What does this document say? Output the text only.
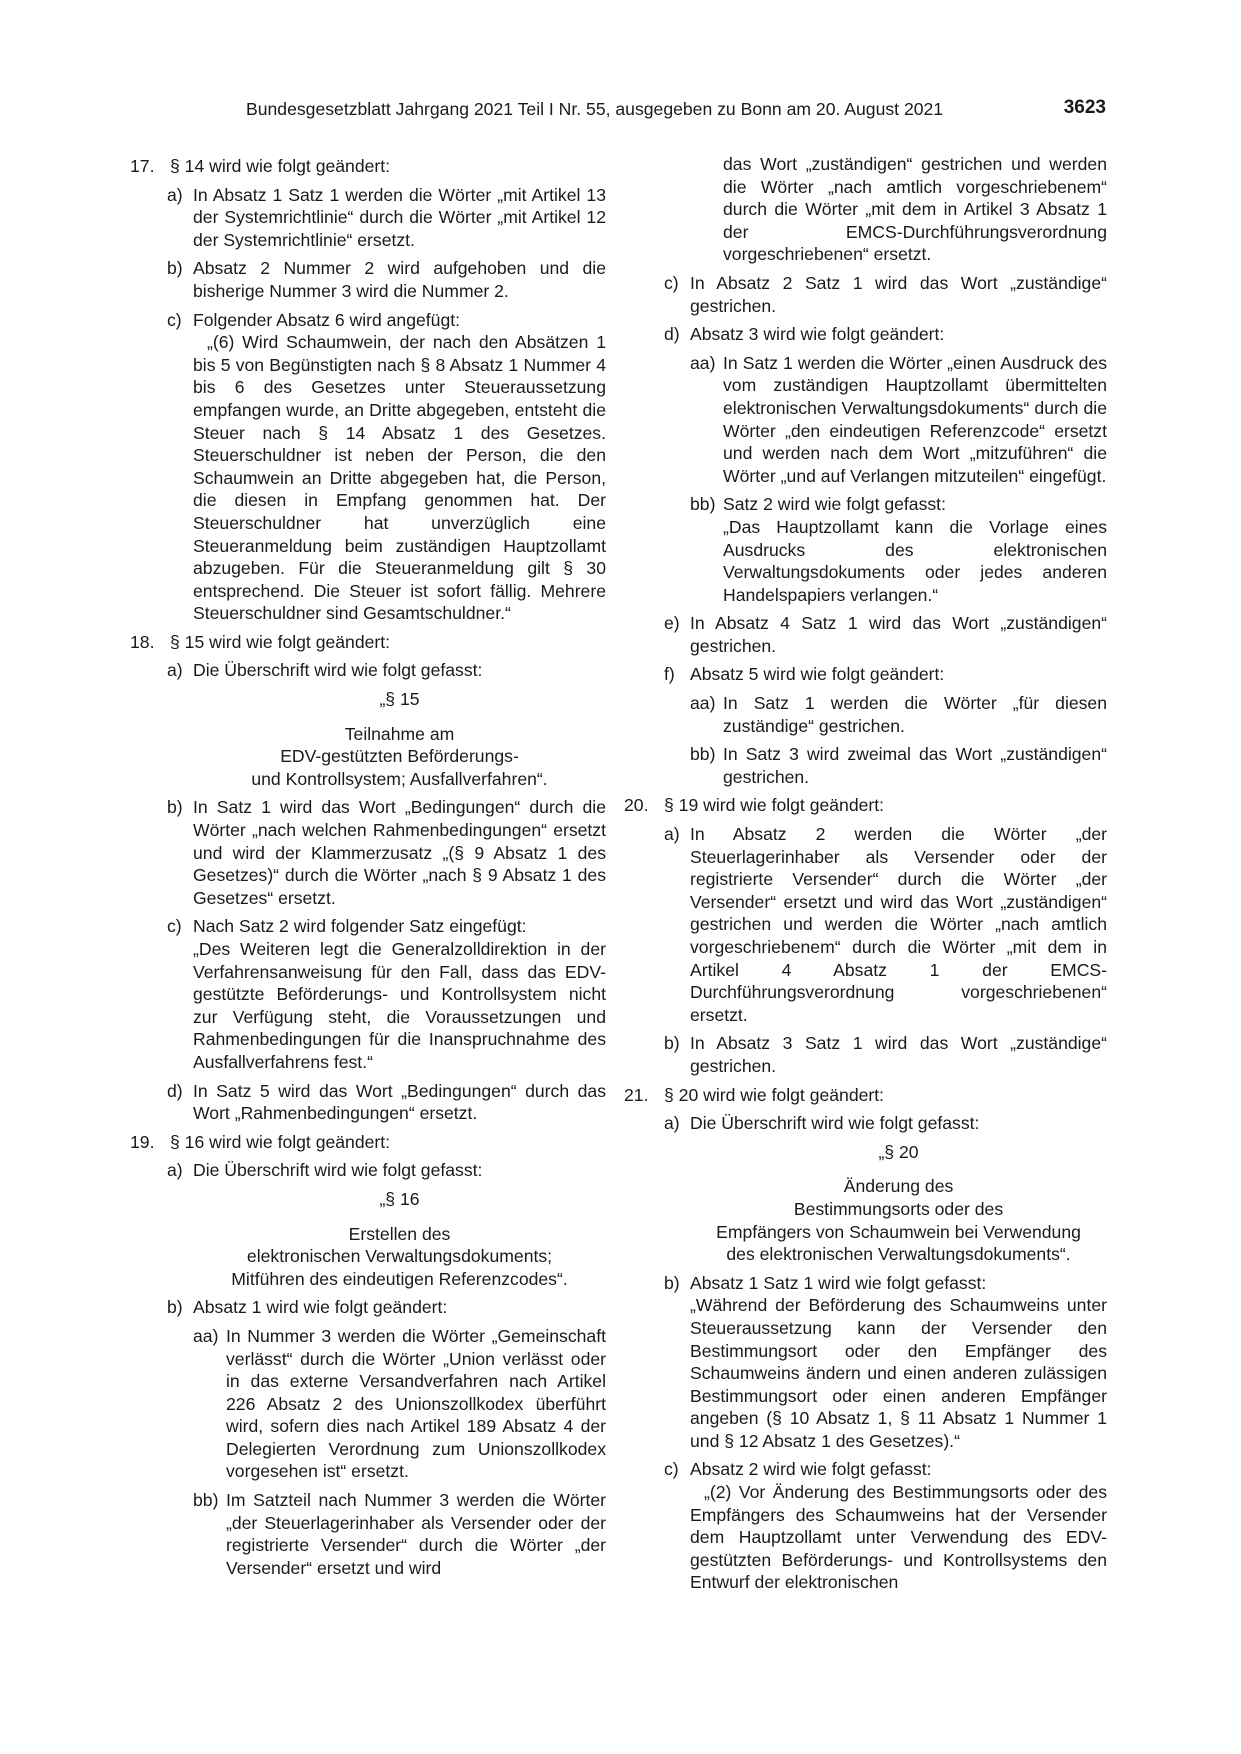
Bundesgesetzblatt Jahrgang 2021 Teil I Nr. 55, ausgegeben zu Bonn am 20. August 2021	3623
17. § 14 wird wie folgt geändert:

a) In Absatz 1 Satz 1 werden die Wörter „mit Artikel 13 der Systemrichtlinie“ durch die Wörter „mit Artikel 12 der Systemrichtlinie“ ersetzt.

b) Absatz 2 Nummer 2 wird aufgehoben und die bisherige Nummer 3 wird die Nummer 2.

c) Folgender Absatz 6 wird angefügt:

„(6) Wird Schaumwein, der nach den Absätzen 1 bis 5 von Begünstigten nach § 8 Absatz 1 Nummer 4 bis 6 des Gesetzes unter Steueraussetzung empfangen wurde, an Dritte abgegeben, entsteht die Steuer nach § 14 Absatz 1 des Gesetzes. Steuerschuldner ist neben der Person, die den Schaumwein an Dritte abgegeben hat, die Person, die diesen in Empfang genommen hat. Der Steuerschuldner hat unverzüglich eine Steueranmeldung beim zuständigen Hauptzollamt abzugeben. Für die Steueranmeldung gilt § 30 entsprechend. Die Steuer ist sofort fällig. Mehrere Steuerschuldner sind Gesamtschuldner.“

18. § 15 wird wie folgt geändert:

a) Die Überschrift wird wie folgt gefasst:

„§ 15

Teilnahme am

EDV-gestützten Beförderungs-

und Kontrollsystem; Ausfallverfahren“.

b) In Satz 1 wird das Wort „Bedingungen“ durch die Wörter „nach welchen Rahmenbedingungen“ ersetzt und wird der Klammerzusatz „(§ 9 Absatz 1 des Gesetzes)“ durch die Wörter „nach § 9 Absatz 1 des Gesetzes“ ersetzt.

c) Nach Satz 2 wird folgender Satz eingefügt:

„Des Weiteren legt die Generalzolldirektion in der Verfahrensanweisung für den Fall, dass das EDV-gestützte Beförderungs- und Kontrollsystem nicht zur Verfügung steht, die Voraussetzungen und Rahmenbedingungen für die Inanspruchnahme des Ausfallverfahrens fest.“

d) In Satz 5 wird das Wort „Bedingungen“ durch das Wort „Rahmenbedingungen“ ersetzt.

19. § 16 wird wie folgt geändert:

a) Die Überschrift wird wie folgt gefasst:

„§ 16

Erstellen des

elektronischen Verwaltungsdokuments;

Mitführen des eindeutigen Referenzcodes“.

b) Absatz 1 wird wie folgt geändert:

aa) In Nummer 3 werden die Wörter „Gemeinschaft verlässt“ durch die Wörter „Union verlässt oder in das externe Versandverfahren nach Artikel 226 Absatz 2 des Unionszollkodex überführt wird, sofern dies nach Artikel 189 Absatz 4 der Delegierten Verordnung zum Unionszollkodex vorgesehen ist“ ersetzt.

bb) Im Satzteil nach Nummer 3 werden die Wörter „der Steuerlagerinhaber als Versender oder der registrierte Versender“ durch die Wörter „der Versender“ ersetzt und wird

das Wort „zuständigen“ gestrichen und werden die Wörter „nach amtlich vorgeschriebenem“ durch die Wörter „mit dem in Artikel 3 Absatz 1 der EMCS-Durchführungsverordnung vorgeschriebenen“ ersetzt.

c) In Absatz 2 Satz 1 wird das Wort „zuständige“ gestrichen.

d) Absatz 3 wird wie folgt geändert:

aa) In Satz 1 werden die Wörter „einen Ausdruck des vom zuständigen Hauptzollamt übermittelten elektronischen Verwaltungsdokuments“ durch die Wörter „den eindeutigen Referenzcode“ ersetzt und werden nach dem Wort „mitzuführen“ die Wörter „und auf Verlangen mitzuteilen“ eingefügt.

bb) Satz 2 wird wie folgt gefasst:

„Das Hauptzollamt kann die Vorlage eines Ausdrucks des elektronischen Verwaltungsdokuments oder jedes anderen Handelspapiers verlangen.“

e) In Absatz 4 Satz 1 wird das Wort „zuständigen“ gestrichen.

f) Absatz 5 wird wie folgt geändert:

aa) In Satz 1 werden die Wörter „für diesen zuständige“ gestrichen.

bb) In Satz 3 wird zweimal das Wort „zuständigen“ gestrichen.

20. § 19 wird wie folgt geändert:

a) In Absatz 2 werden die Wörter „der Steuerlagerinhaber als Versender oder der registrierte Versender“ durch die Wörter „der Versender“ ersetzt und wird das Wort „zuständigen“ gestrichen und werden die Wörter „nach amtlich vorgeschriebenem“ durch die Wörter „mit dem in Artikel 4 Absatz 1 der EMCS-Durchführungsverordnung vorgeschriebenen“ ersetzt.

b) In Absatz 3 Satz 1 wird das Wort „zuständige“ gestrichen.

21. § 20 wird wie folgt geändert:

a) Die Überschrift wird wie folgt gefasst:

„§ 20

Änderung des

Bestimmungsorts oder des

Empfängers von Schaumwein bei Verwendung

des elektronischen Verwaltungsdokuments“.

b) Absatz 1 Satz 1 wird wie folgt gefasst:

„Während der Beförderung des Schaumweins unter Steueraussetzung kann der Versender den Bestimmungsort oder den Empfänger des Schaumweins ändern und einen anderen zulässigen Bestimmungsort oder einen anderen Empfänger angeben (§ 10 Absatz 1, § 11 Absatz 1 Nummer 1 und § 12 Absatz 1 des Gesetzes).“

c) Absatz 2 wird wie folgt gefasst:

„(2) Vor Änderung des Bestimmungsorts oder des Empfängers des Schaumweins hat der Versender dem Hauptzollamt unter Verwendung des EDV-gestützten Beförderungs- und Kontrollsystems den Entwurf der elektronischen
